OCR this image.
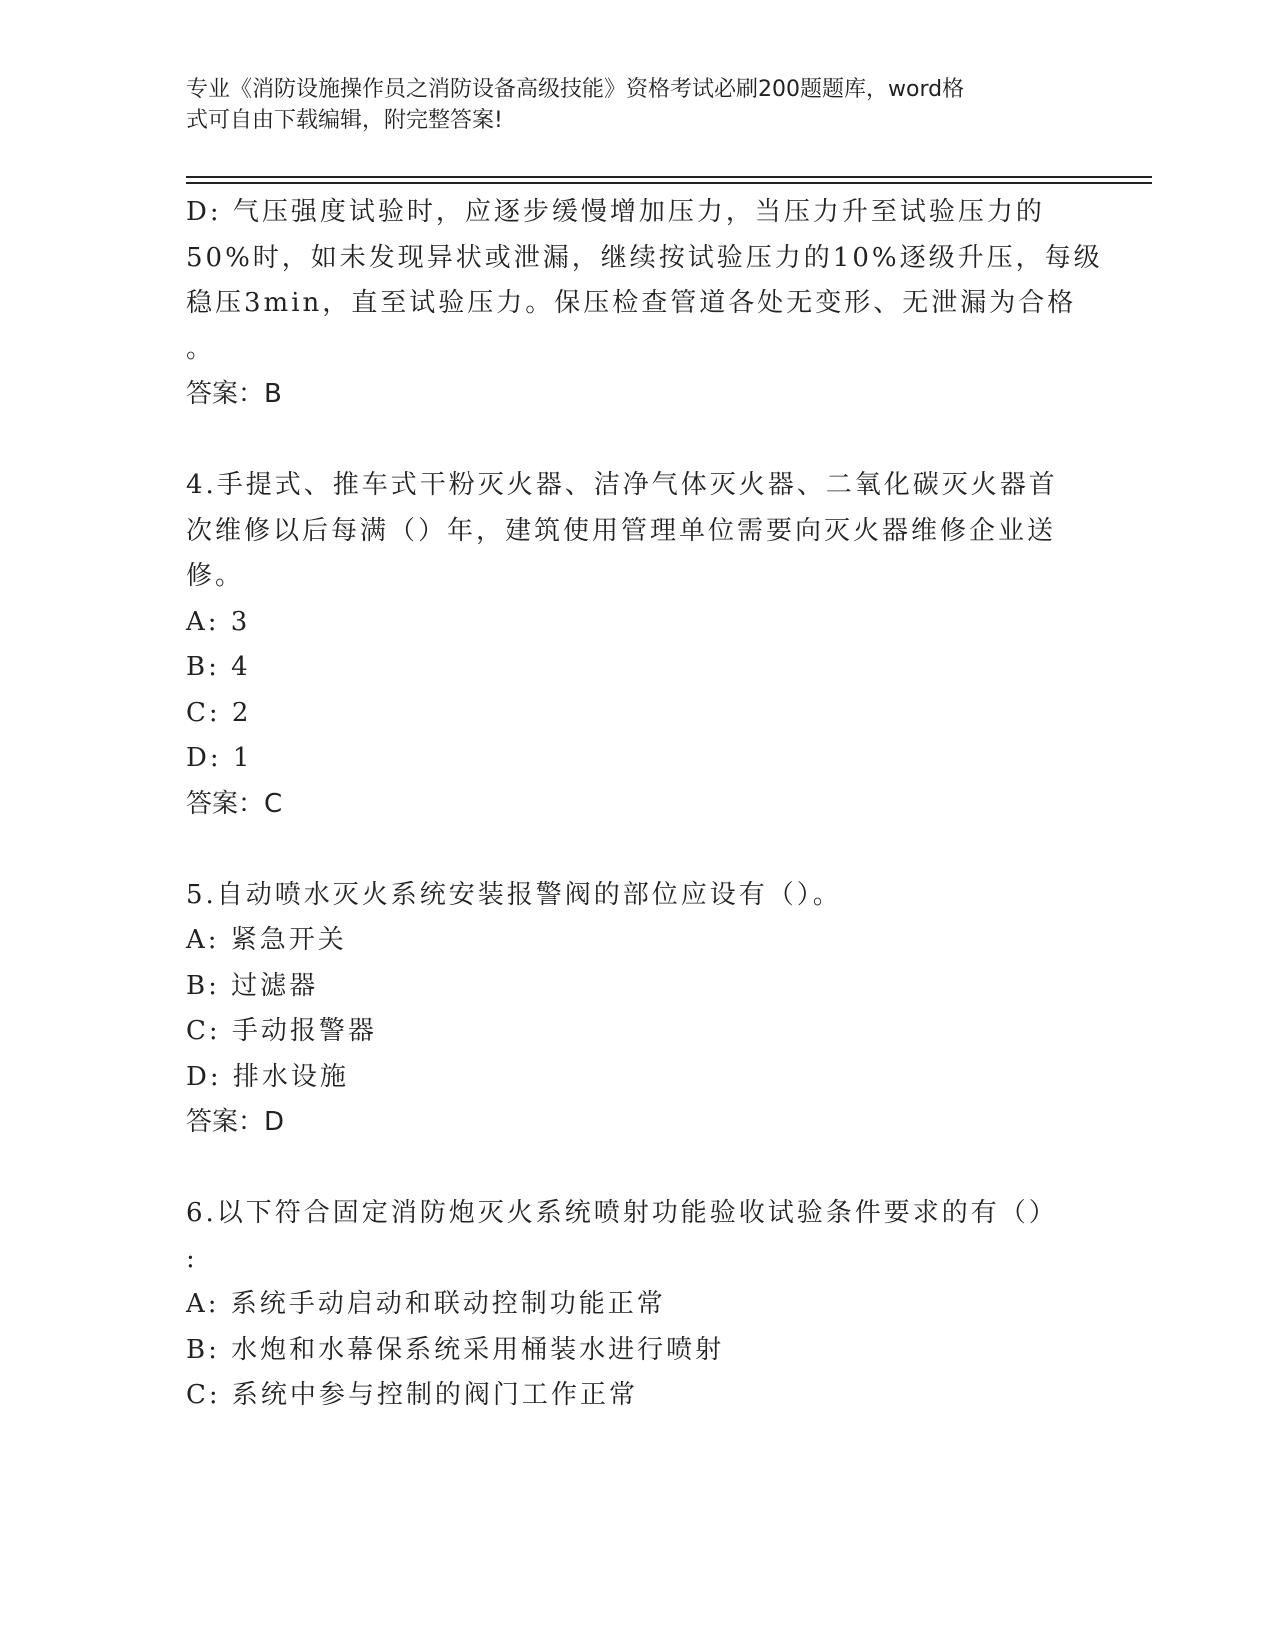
专业《消防设施操作员之消防设备高级技能》资格考试必刷200题题库，word格
式可自由下载编辑，附完整答案!
D: 气压强度试验时，应逐步缓慢增加压力，当压力升至试验压力的
50%时，如未发现异状或泄漏，继续按试验压力的10%逐级升压，每级
稳压3min，直至试验压力。保压检查管道各处无变形、无泄漏为合格
。
答案：B
4.手提式、推车式干粉灭火器、洁净气体灭火器、二氧化碳灭火器首
次维修以后每满（）年，建筑使用管理单位需要向灭火器维修企业送
修。
A: 3
B: 4
C: 2
D: 1
答案：C
5.自动喷水灭火系统安装报警阀的部位应设有（）。
A: 紧急开关
B: 过滤器
C: 手动报警器
D: 排水设施
答案：D
6.以下符合固定消防炮灭火系统喷射功能验收试验条件要求的有（）
:
A: 系统手动启动和联动控制功能正常
B: 水炮和水幕保系统采用桶装水进行喷射
C: 系统中参与控制的阀门工作正常
